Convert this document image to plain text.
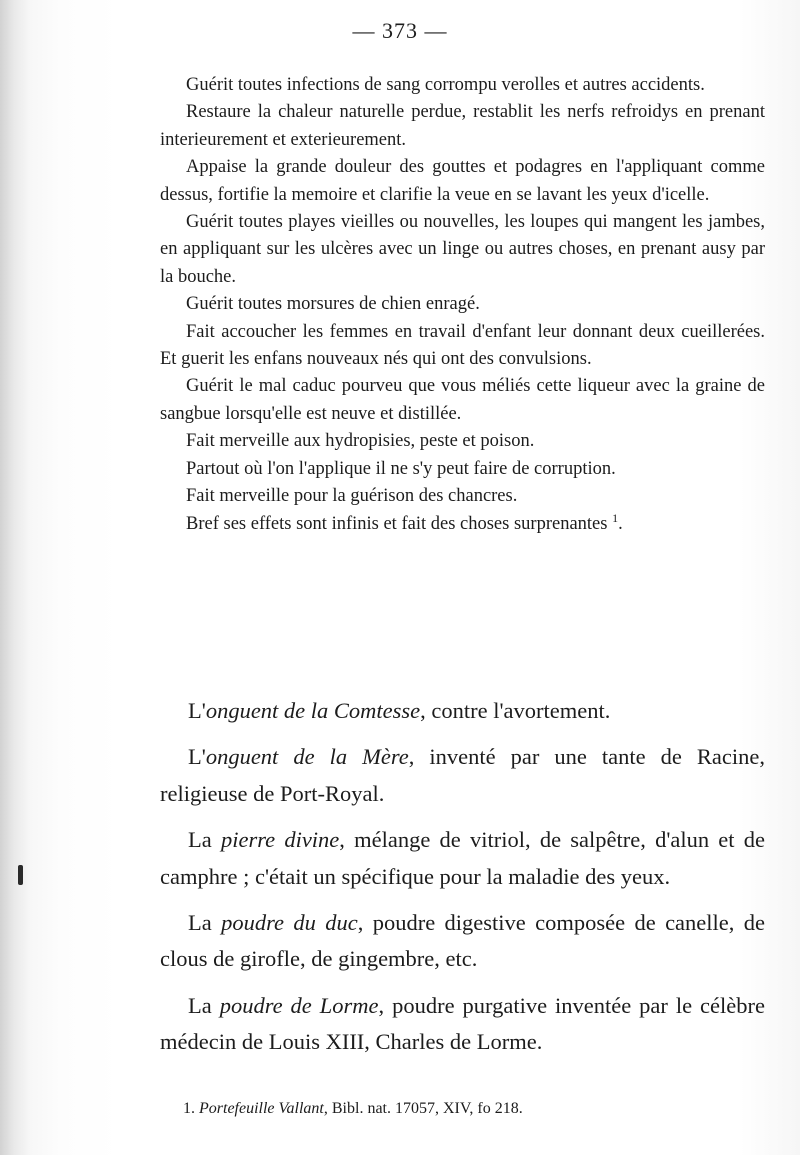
— 373 —

Guérit toutes infections de sang corrompu verolles et autres accidents.

Restaure la chaleur naturelle perdue, restablit les nerfs refroidys en prenant interieurement et exterieurement.

Appaise la grande douleur des gouttes et podagres en l'appliquant comme dessus, fortifie la memoire et clarifie la veue en se lavant les yeux d'icelle.

Guérit toutes playes vieilles ou nouvelles, les loupes qui mangent les jambes, en appliquant sur les ulcères avec un linge ou autres choses, en prenant ausy par la bouche.

Guérit toutes morsures de chien enragé.

Fait accoucher les femmes en travail d'enfant leur donnant deux cueillerées. Et guerit les enfans nouveaux nés qui ont des convulsions.

Guérit le mal caduc pourveu que vous méliés cette liqueur avec la graine de sangbue lorsqu'elle est neuve et distillée.

Fait merveille aux hydropisies, peste et poison.

Partout où l'on l'applique il ne s'y peut faire de corruption.

Fait merveille pour la guérison des chancres.

Bref ses effets sont infinis et fait des choses surprenantes $^1$.

L'onguent de la Comtesse, contre l'avortement.

L'onguent de la Mère, inventé par une tante de Racine, religieuse de Port-Royal.

La pierre divine, mélange de vitriol, de salpêtre, d'alun et de camphre ; c'était un spécifique pour la maladie des yeux.

La poudre du duc, poudre digestive composée de canelle, de clous de girofle, de gingembre, etc.

La poudre de Lorme, poudre purgative inventée par le célèbre médecin de Louis XIII, Charles de Lorme.

1. Portefeuille Vallant, Bibl. nat. 17057, XIV, fo 218.
